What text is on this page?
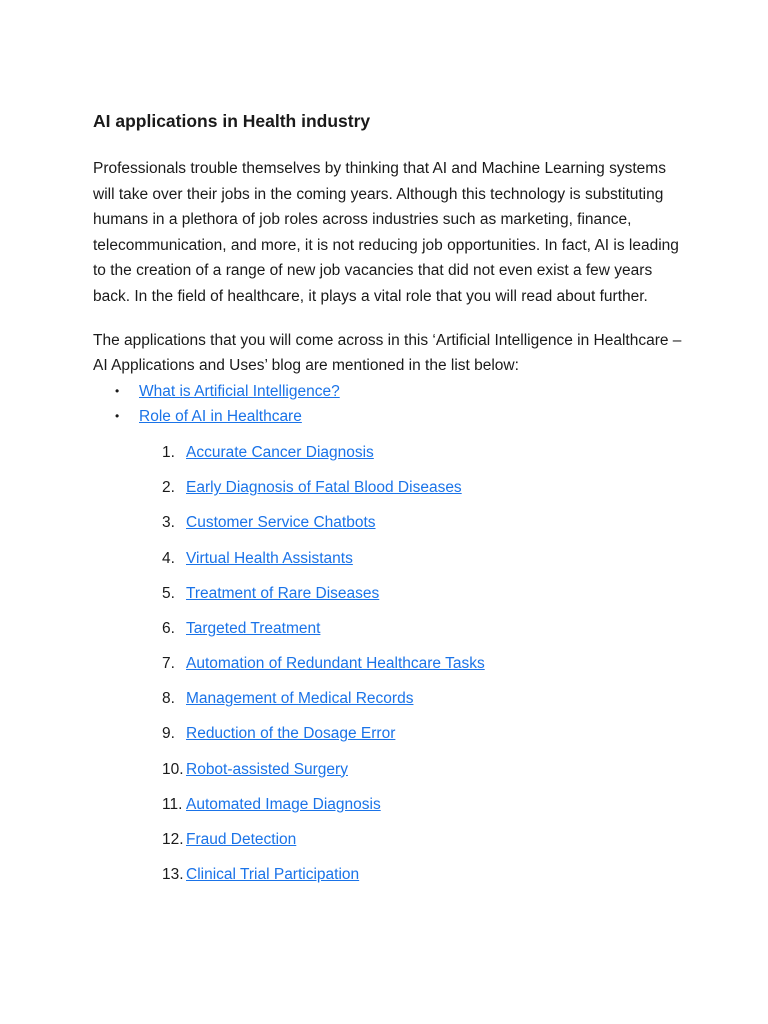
AI applications in Health industry

Professionals trouble themselves by thinking that AI and Machine Learning systems will take over their jobs in the coming years. Although this technology is substituting humans in a plethora of job roles across industries such as marketing, finance, telecommunication, and more, it is not reducing job opportunities. In fact, AI is leading to the creation of a range of new job vacancies that did not even exist a few years back. In the field of healthcare, it plays a vital role that you will read about further.

The applications that you will come across in this ‘Artificial Intelligence in Healthcare – AI Applications and Uses’ blog are mentioned in the list below:

• What is Artificial Intelligence?
• Role of AI in Healthcare
1. Accurate Cancer Diagnosis
2. Early Diagnosis of Fatal Blood Diseases
3. Customer Service Chatbots
4. Virtual Health Assistants
5. Treatment of Rare Diseases
6. Targeted Treatment
7. Automation of Redundant Healthcare Tasks
8. Management of Medical Records
9. Reduction of the Dosage Error
10. Robot-assisted Surgery
11. Automated Image Diagnosis
12. Fraud Detection
13. Clinical Trial Participation
